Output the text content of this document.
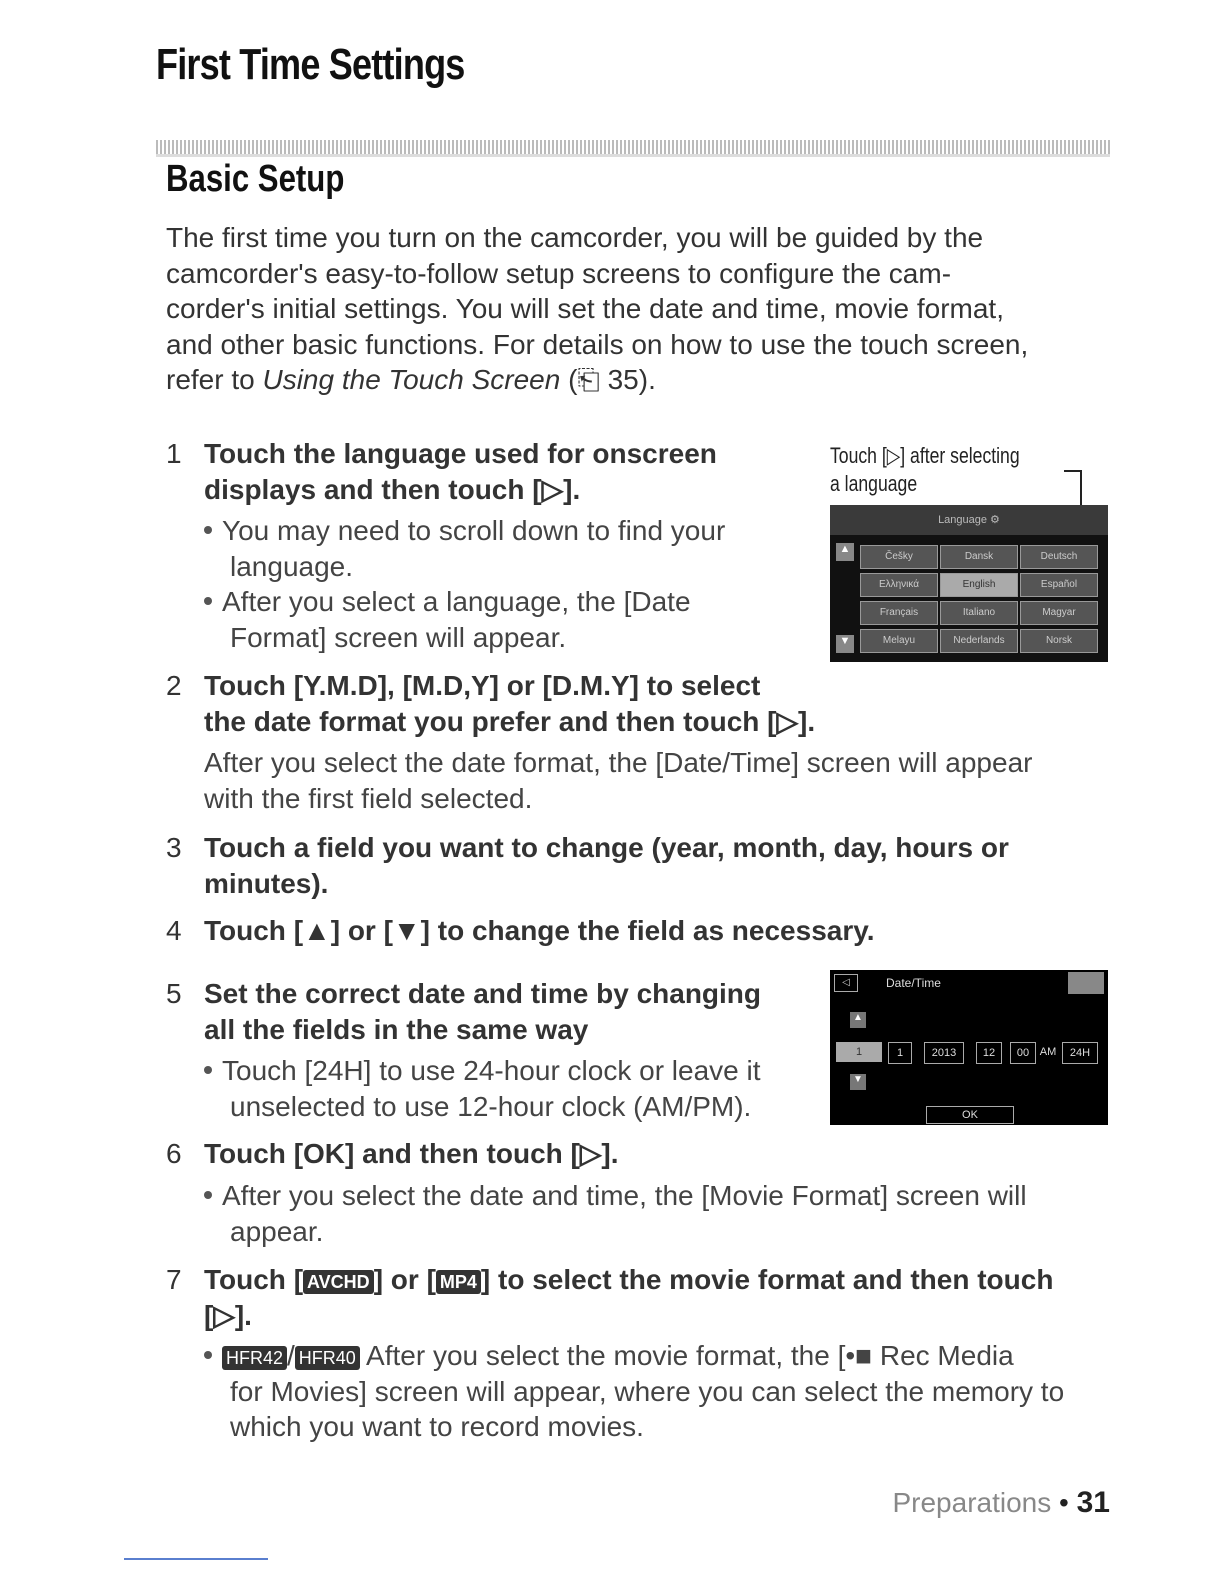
First Time Settings
Basic Setup
The first time you turn on the camcorder, you will be guided by the
camcorder's easy-to-follow setup screens to configure the cam-
corder's initial settings. You will set the date and time, movie format,
and other basic functions. For details on how to use the touch screen,
refer to Using the Touch Screen (⎗ 35).
1 Touch the language used for onscreen
displays and then touch [▷].
You may need to scroll down to find your
language.
After you select a language, the [Date
Format] screen will appear.
Touch [▷] after selecting
a language
Language ⚙
▲
▼
Češky	Dansk	Deutsch
Ελληνικά	English	Español
Français	Italiano	Magyar
Melayu	Nederlands	Norsk
2 Touch [Y.M.D], [M.D,Y] or [D.M.Y] to select
the date format you prefer and then touch [▷].
After you select the date format, the [Date/Time] screen will appear
with the first field selected.
3 Touch a field you want to change (year, month, day, hours or
minutes).
4 Touch [▲] or [▼] to change the field as necessary.
5 Set the correct date and time by changing
all the fields in the same way
Touch [24H] to use 24-hour clock or leave it
unselected to use 12-hour clock (AM/PM).
◁	Date/Time
▲
▼
1	1	2013	12	00 AM	24H
OK
6 Touch [OK] and then touch [▷].
After you select the date and time, the [Movie Format] screen will
appear.
7 Touch [ AVCHD ] or [ MP4 ] to select the movie format and then touch
[▷].
HFR42 / HFR40 After you select the movie format, the [•■ Rec Media
for Movies] screen will appear, where you can select the memory to
which you want to record movies.
Preparations • 31
